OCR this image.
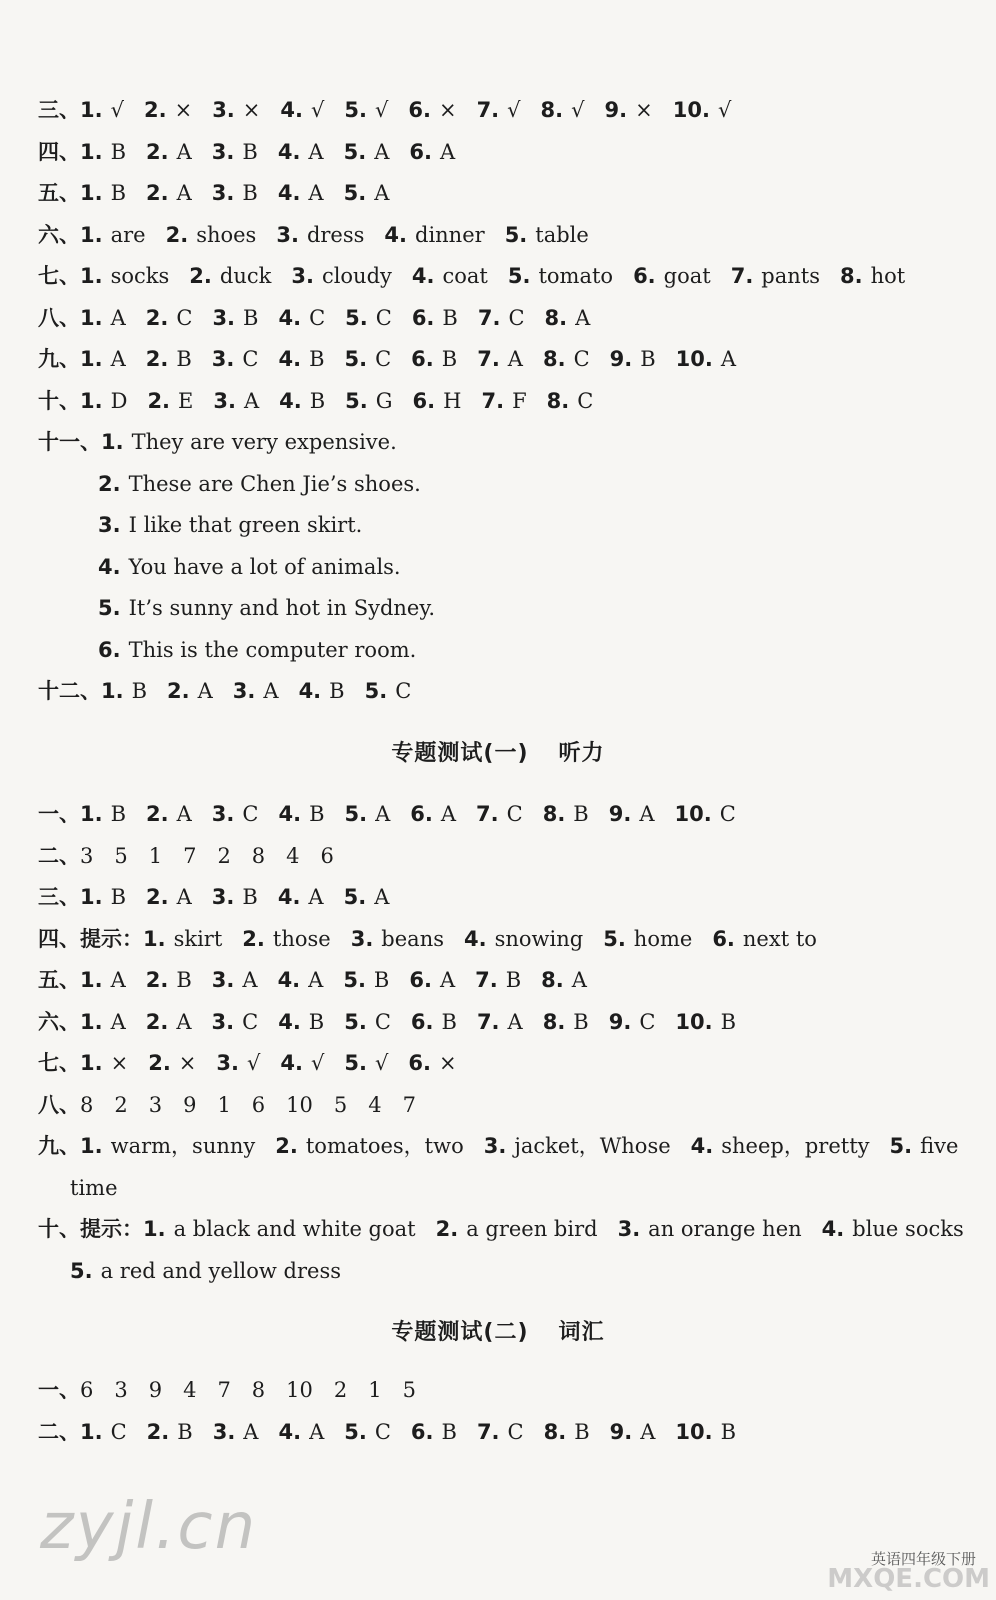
三、1. √ 2. × 3. × 4. √ 5. √ 6. × 7. √ 8. √ 9. × 10. √
四、1. B 2. A 3. B 4. A 5. A 6. A
五、1. B 2. A 3. B 4. A 5. A
六、1. are 2. shoes 3. dress 4. dinner 5. table
七、1. socks 2. duck 3. cloudy 4. coat 5. tomato 6. goat 7. pants 8. hot
八、1. A 2. C 3. B 4. C 5. C 6. B 7. C 8. A
九、1. A 2. B 3. C 4. B 5. C 6. B 7. A 8. C 9. B 10. A
十、1. D 2. E 3. A 4. B 5. G 6. H 7. F 8. C
十一、1. They are very expensive.
2. These are Chen Jie’s shoes.
3. I like that green skirt.
4. You have a lot of animals.
5. It’s sunny and hot in Sydney.
6. This is the computer room.
十二、1. B 2. A 3. A 4. B 5. C
专题测试(一) 听力
一、1. B 2. A 3. C 4. B 5. A 6. A 7. C 8. B 9. A 10. C
二、3　5　1　7　2　8　4　6
三、1. B 2. A 3. B 4. A 5. A
四、提示：1. skirt 2. those 3. beans 4. snowing 5. home 6. next to
五、1. A 2. B 3. A 4. A 5. B 6. A 7. B 8. A
六、1. A 2. A 3. C 4. B 5. C 6. B 7. A 8. B 9. C 10. B
七、1. × 2. × 3. √ 4. √ 5. √ 6. ×
八、8　2　3　9　1　6　10　5　4　7
九、1. warm，sunny 2. tomatoes，two 3. jacket，Whose 4. sheep，pretty 5. five
time
十、提示：1. a black and white goat 2. a green bird 3. an orange hen 4. blue socks
5. a red and yellow dress
专题测试(二) 词汇
一、6　3　9　4　7　8　10　2　1　5
二、1. C 2. B 3. A 4. A 5. C 6. B 7. C 8. B 9. A 10. B
zyjl.cn
MXQE.COM
英语四年级下册
